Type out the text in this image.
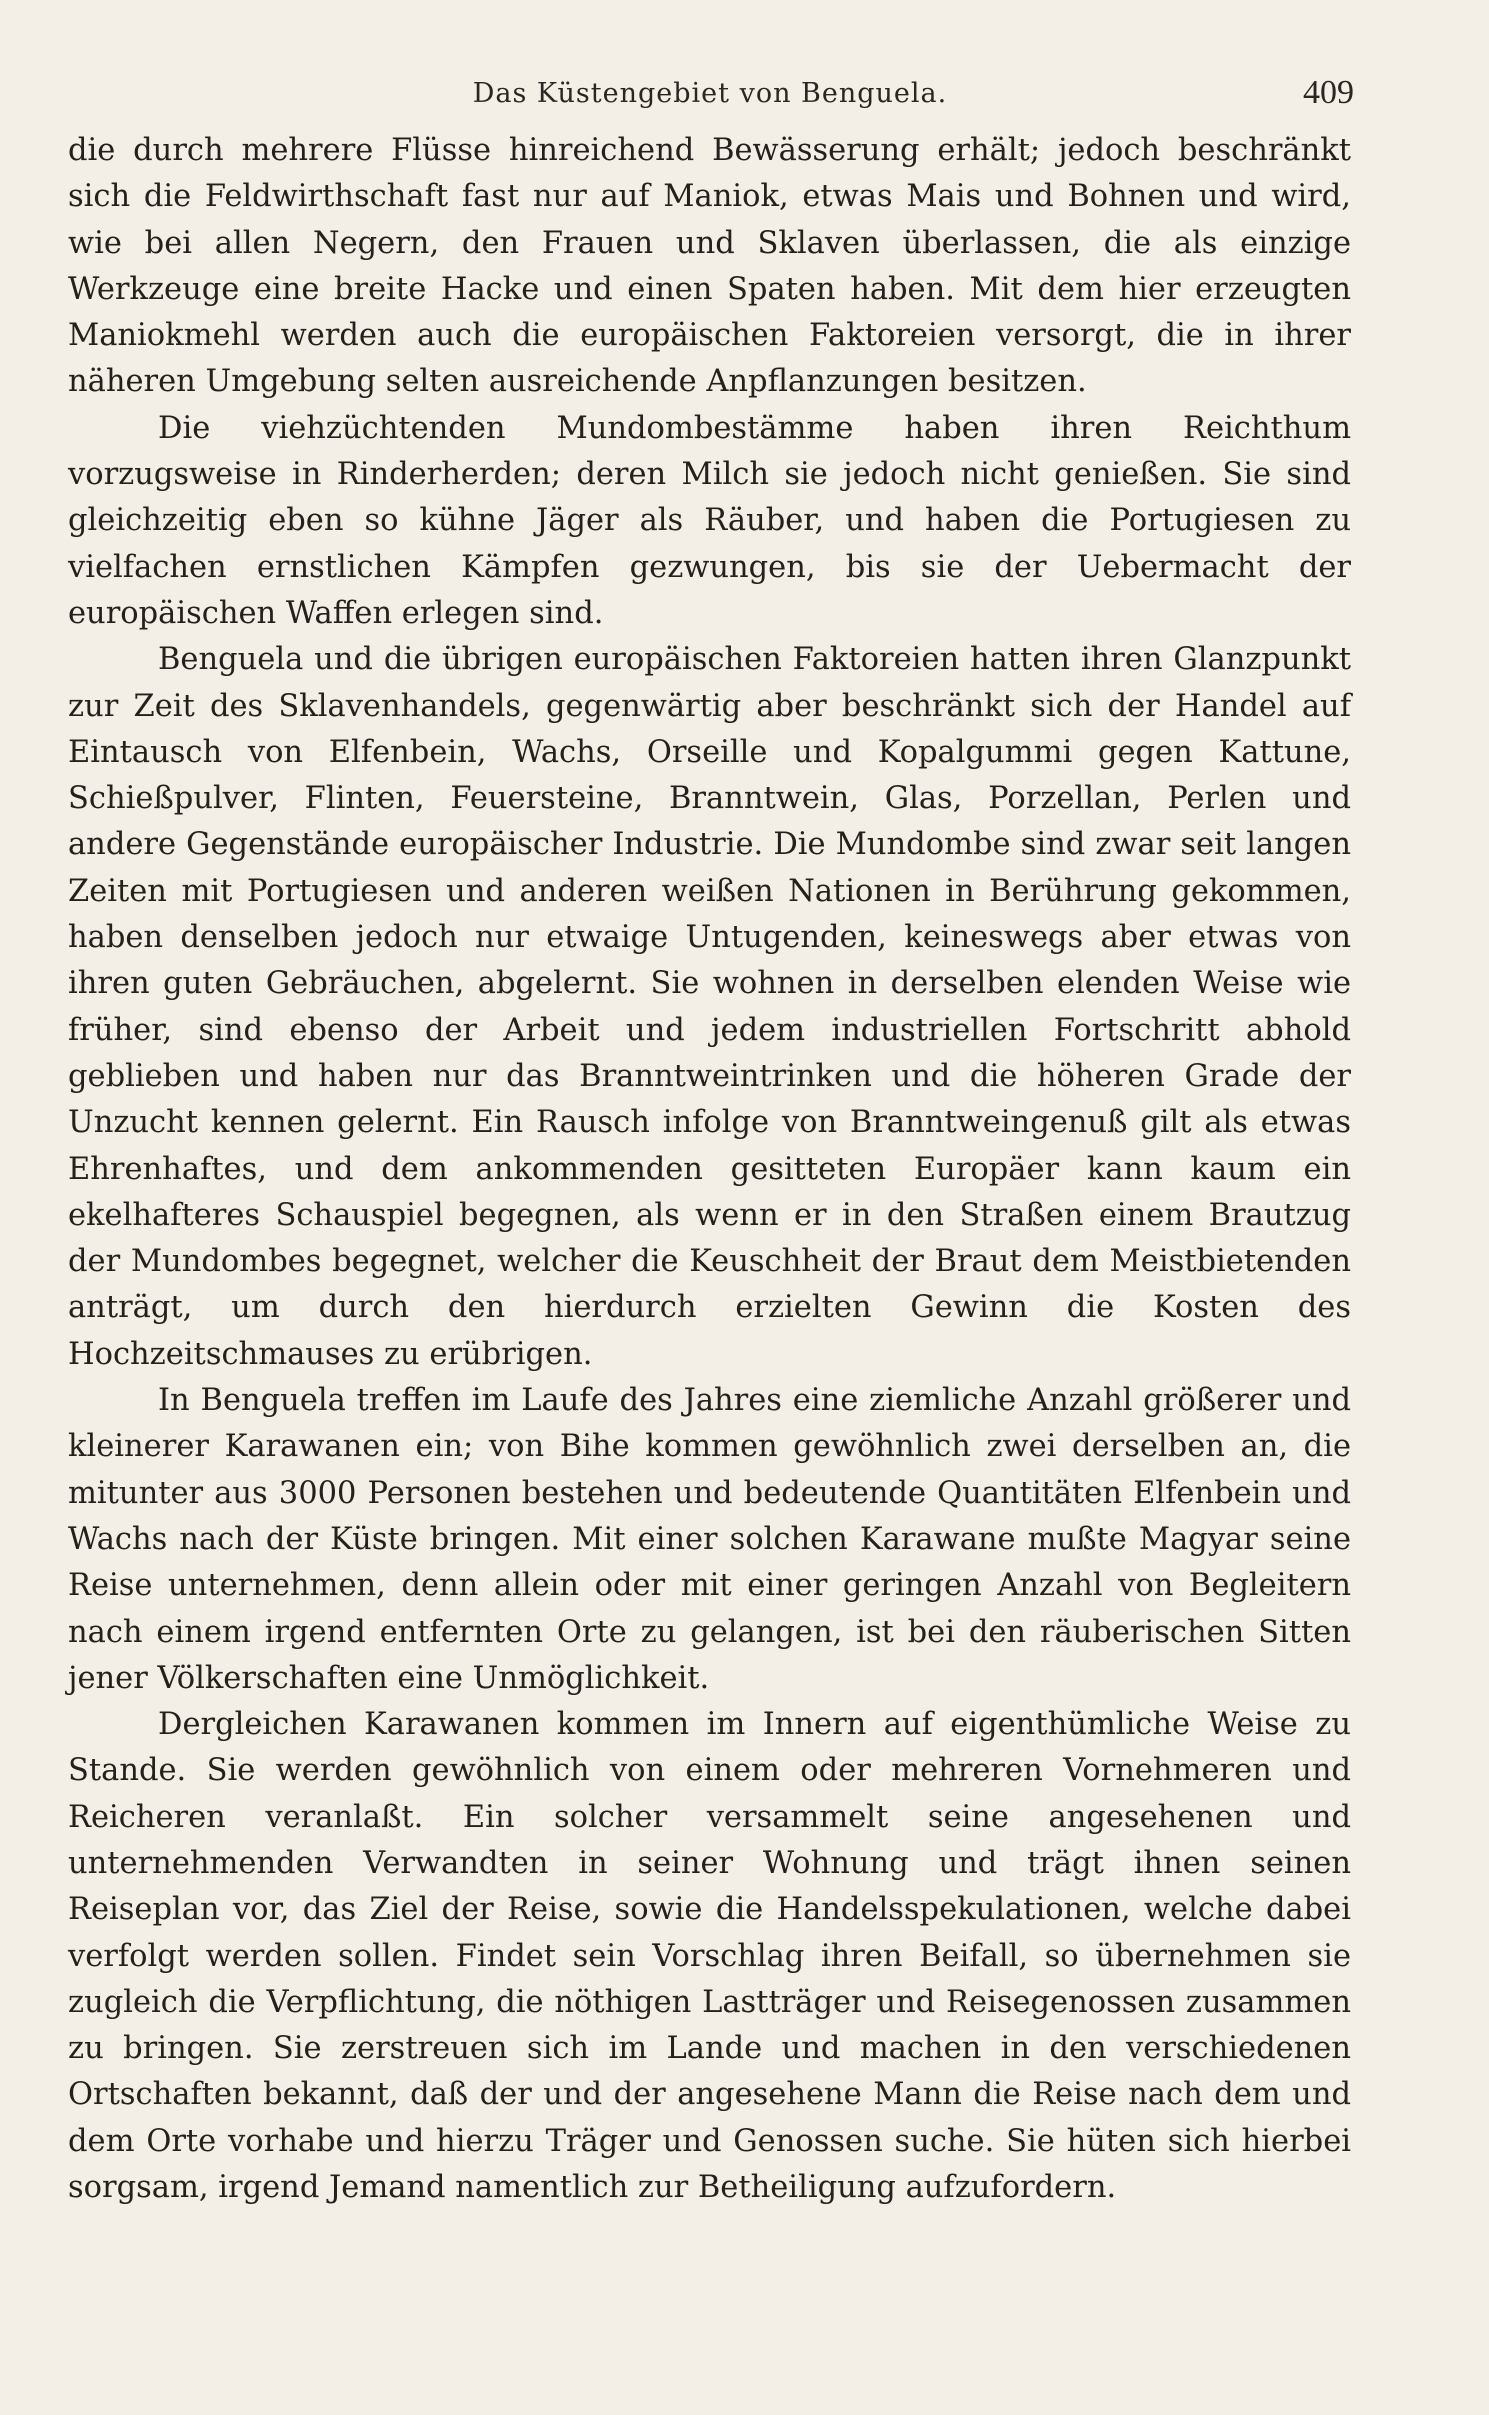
Das Küstengebiet von Benguela.	409

die durch mehrere Flüsse hinreichend Bewässerung erhält; jedoch beschränkt sich die Feldwirthschaft fast nur auf Maniok, etwas Mais und Bohnen und wird, wie bei allen Negern, den Frauen und Sklaven überlassen, die als einzige Werkzeuge eine breite Hacke und einen Spaten haben. Mit dem hier erzeugten Maniokmehl werden auch die europäischen Faktoreien versorgt, die in ihrer näheren Umgebung selten ausreichende Anpflanzungen besitzen.

Die viehzüchtenden Mundombestämme haben ihren Reichthum vorzugsweise in Rinderherden; deren Milch sie jedoch nicht genießen. Sie sind gleichzeitig eben so kühne Jäger als Räuber, und haben die Portugiesen zu vielfachen ernstlichen Kämpfen gezwungen, bis sie der Uebermacht der europäischen Waffen erlegen sind.

Benguela und die übrigen europäischen Faktoreien hatten ihren Glanzpunkt zur Zeit des Sklavenhandels, gegenwärtig aber beschränkt sich der Handel auf Eintausch von Elfenbein, Wachs, Orseille und Kopalgummi gegen Kattune, Schießpulver, Flinten, Feuersteine, Branntwein, Glas, Porzellan, Perlen und andere Gegenstände europäischer Industrie. Die Mundombe sind zwar seit langen Zeiten mit Portugiesen und anderen weißen Nationen in Berührung gekommen, haben denselben jedoch nur etwaige Untugenden, keineswegs aber etwas von ihren guten Gebräuchen, abgelernt. Sie wohnen in derselben elenden Weise wie früher, sind ebenso der Arbeit und jedem industriellen Fortschritt abhold geblieben und haben nur das Branntweintrinken und die höheren Grade der Unzucht kennen gelernt. Ein Rausch infolge von Branntweingenuß gilt als etwas Ehrenhaftes, und dem ankommenden gesitteten Europäer kann kaum ein ekelhafteres Schauspiel begegnen, als wenn er in den Straßen einem Brautzug der Mundombes begegnet, welcher die Keuschheit der Braut dem Meistbietenden anträgt, um durch den hierdurch erzielten Gewinn die Kosten des Hochzeitschmauses zu erübrigen.

In Benguela treffen im Laufe des Jahres eine ziemliche Anzahl größerer und kleinerer Karawanen ein; von Bihe kommen gewöhnlich zwei derselben an, die mitunter aus 3000 Personen bestehen und bedeutende Quantitäten Elfenbein und Wachs nach der Küste bringen. Mit einer solchen Karawane mußte Magyar seine Reise unternehmen, denn allein oder mit einer geringen Anzahl von Begleitern nach einem irgend entfernten Orte zu gelangen, ist bei den räuberischen Sitten jener Völkerschaften eine Unmöglichkeit.

Dergleichen Karawanen kommen im Innern auf eigenthümliche Weise zu Stande. Sie werden gewöhnlich von einem oder mehreren Vornehmeren und Reicheren veranlaßt. Ein solcher versammelt seine angesehenen und unternehmenden Verwandten in seiner Wohnung und trägt ihnen seinen Reiseplan vor, das Ziel der Reise, sowie die Handelsspekulationen, welche dabei verfolgt werden sollen. Findet sein Vorschlag ihren Beifall, so übernehmen sie zugleich die Verpflichtung, die nöthigen Lastträger und Reisegenossen zusammen zu bringen. Sie zerstreuen sich im Lande und machen in den verschiedenen Ortschaften bekannt, daß der und der angesehene Mann die Reise nach dem und dem Orte vorhabe und hierzu Träger und Genossen suche. Sie hüten sich hierbei sorgsam, irgend Jemand namentlich zur Betheiligung aufzufordern.
